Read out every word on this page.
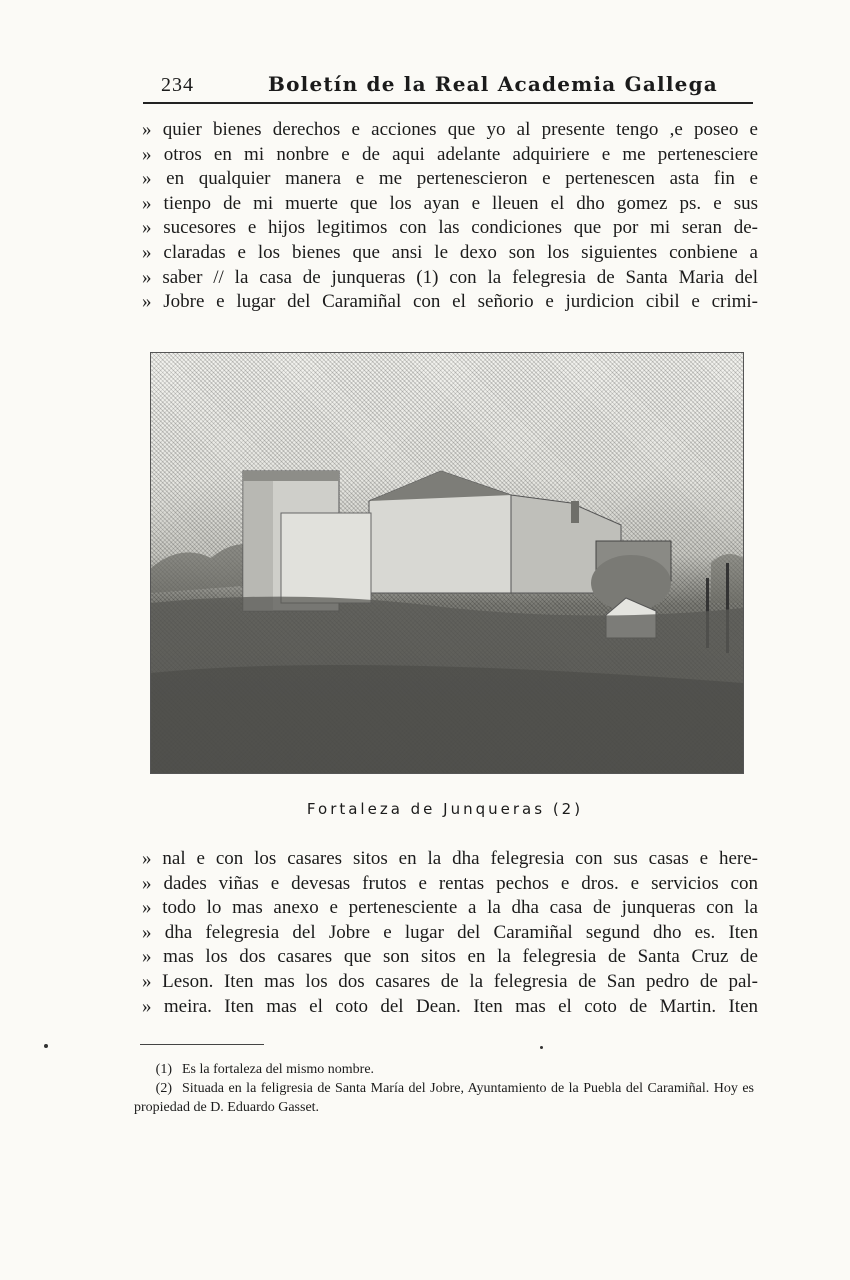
234	Boletín de la Real Academia Gallega
» quier bienes derechos e acciones que yo al presente tengo ,e poseo e
» otros en mi nonbre e de aqui adelante adquiriere e me pertenesciere
» en qualquier manera e me pertenescieron e pertenescen asta fin e
» tienpo de mi muerte que los ayan e lleuen el dho gomez ps. e sus
» sucesores e hijos legitimos con las condiciones que por mi seran de-
» claradas e los bienes que ansi le dexo son los siguientes conbiene a
» saber // la casa de junqueras (1) con la felegresia de Santa Maria del
» Jobre e lugar del Caramiñal con el señorio e jurdicion cibil e crimi-
Fortaleza de Junqueras (2)
» nal e con los casares sitos en la dha felegresia con sus casas e here-
» dades viñas e devesas frutos e rentas pechos e dros. e servicios con
» todo lo mas anexo e pertenesciente a la dha casa de junqueras con la
» dha felegresia del Jobre e lugar del Caramiñal segund dho es. Iten
» mas los dos casares que son sitos en la felegresia de Santa Cruz de
» Leson. Iten mas los dos casares de la felegresia de San pedro de pal-
» meira. Iten mas el coto del Dean. Iten mas el coto de Martin. Iten
(1) Es la fortaleza del mismo nombre.
(2) Situada en la feligresia de Santa María del Jobre, Ayuntamiento de la Puebla del Caramiñal. Hoy es propiedad de D. Eduardo Gasset.
